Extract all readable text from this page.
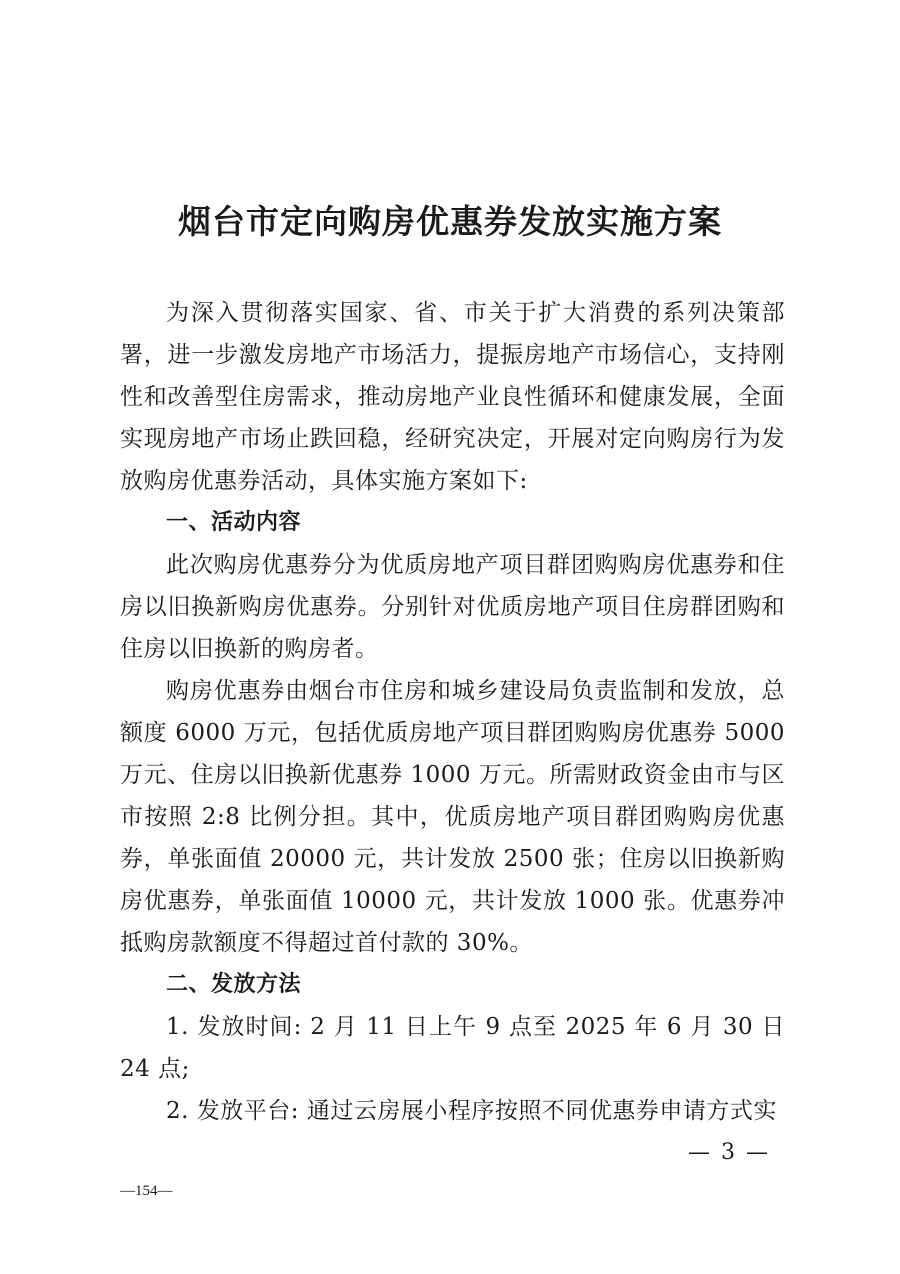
烟台市定向购房优惠券发放实施方案

为深入贯彻落实国家、省、市关于扩大消费的系列决策部署，进一步激发房地产市场活力，提振房地产市场信心，支持刚性和改善型住房需求，推动房地产业良性循环和健康发展，全面实现房地产市场止跌回稳，经研究决定，开展对定向购房行为发放购房优惠券活动，具体实施方案如下:

一、活动内容

此次购房优惠券分为优质房地产项目群团购购房优惠券和住房以旧换新购房优惠券。分别针对优质房地产项目住房群团购和住房以旧换新的购房者。

购房优惠券由烟台市住房和城乡建设局负责监制和发放，总额度 6000 万元，包括优质房地产项目群团购购房优惠券 5000 万元、住房以旧换新优惠券 1000 万元。所需财政资金由市与区市按照 2:8 比例分担。其中，优质房地产项目群团购购房优惠券，单张面值 20000 元，共计发放 2500 张；住房以旧换新购房优惠券，单张面值 10000 元，共计发放 1000 张。优惠券冲抵购房款额度不得超过首付款的 30%。

二、发放方法

1. 发放时间: 2 月 11 日上午 9 点至 2025 年 6 月 30 日 24 点;

2. 发放平台: 通过云房展小程序按照不同优惠券申请方式实

— 3 —
—154—
